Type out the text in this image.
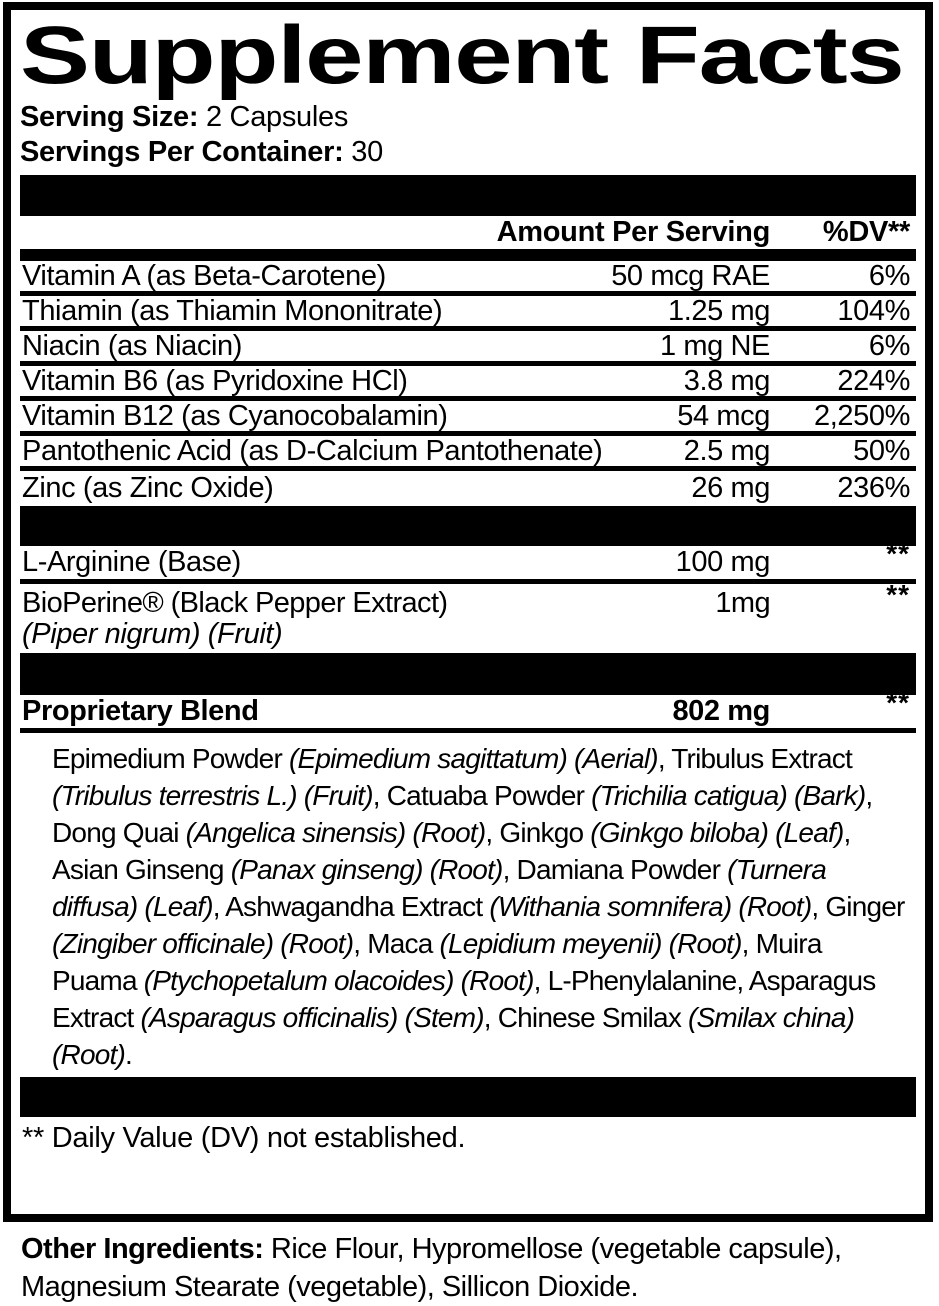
Supplement Facts
Serving Size: 2 Capsules
Servings Per Container: 30
Amount Per Serving	%DV**
Vitamin A (as Beta-Carotene)	50 mcg RAE	6%
Thiamin (as Thiamin Mononitrate)	1.25 mg	104%
Niacin (as Niacin)	1 mg NE	6%
Vitamin B6 (as Pyridoxine HCl)	3.8 mg	224%
Vitamin B12 (as Cyanocobalamin)	54 mcg	2,250%
Pantothenic Acid (as D-Calcium Pantothenate)	2.5 mg	50%
Zinc (as Zinc Oxide)	26 mg	236%
L-Arginine (Base)	100 mg	**
BioPerine® (Black Pepper Extract)	1mg	**
(Piper nigrum) (Fruit)
Proprietary Blend	802 mg	**
Epimedium Powder (Epimedium sagittatum) (Aerial), Tribulus Extract (Tribulus terrestris L.) (Fruit), Catuaba Powder (Trichilia catigua) (Bark), Dong Quai (Angelica sinensis) (Root), Ginkgo (Ginkgo biloba) (Leaf), Asian Ginseng (Panax ginseng) (Root), Damiana Powder (Turnera diffusa) (Leaf), Ashwagandha Extract (Withania somnifera) (Root), Ginger (Zingiber officinale) (Root), Maca (Lepidium meyenii) (Root), Muira Puama (Ptychopetalum olacoides) (Root), L-Phenylalanine, Asparagus Extract (Asparagus officinalis) (Stem), Chinese Smilax (Smilax china) (Root).
** Daily Value (DV) not established.
Other Ingredients: Rice Flour, Hypromellose (vegetable capsule), Magnesium Stearate (vegetable), Sillicon Dioxide.
